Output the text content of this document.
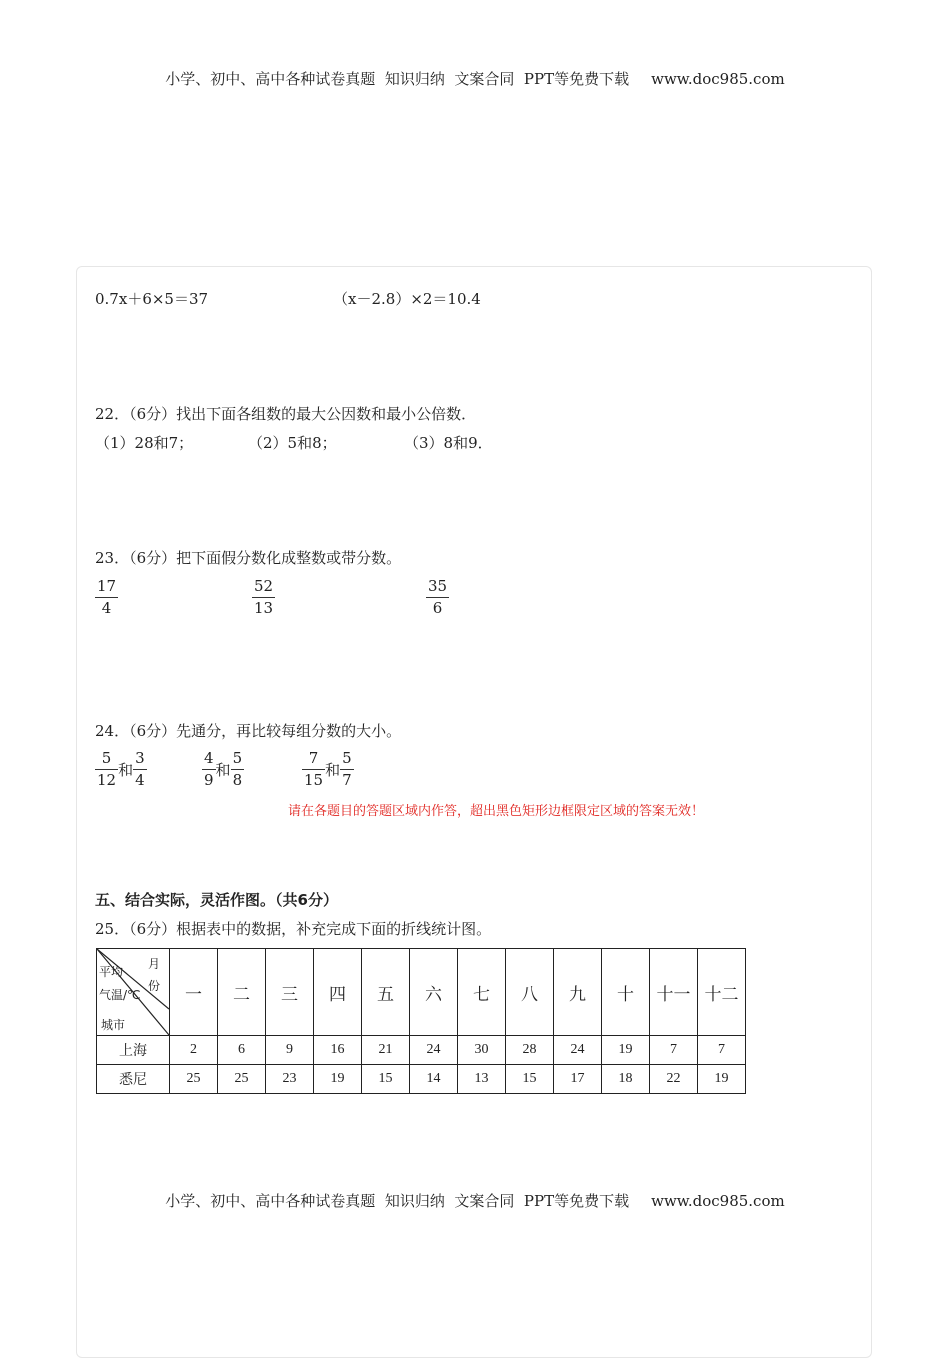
小学、初中、高中各种试卷真题  知识归纳  文案合同  PPT等免费下载 www.doc985.com
0.7x＋6×5＝37	（x－2.8）×2＝10.4
22．（6分）找出下面各组数的最大公因数和最小公倍数．
（1）28和7；	（2）5和8；	（3）8和9．
23．（6分）把下面假分数化成整数或带分数。
$\frac{17}{4}$	$\frac{52}{13}$	$\frac{35}{6}$
24．（6分）先通分，再比较每组分数的大小。
$\frac{5}{12}$ 和 $\frac{3}{4}$	$\frac{4}{9}$ 和 $\frac{5}{8}$	$\frac{7}{15}$ 和 $\frac{5}{7}$
请在各题目的答题区域内作答，超出黑色矩形边框限定区域的答案无效！
五、结合实际，灵活作图。（共6分）
25．（6分）根据表中的数据，补充完成下面的折线统计图。
月
份
平均
气温/℃
城市	一	二	三	四	五	六	七	八	九	十	十一	十二
上海	2	6	9	16	21	24	30	28	24	19	7	7
悉尼	25	25	23	19	15	14	13	15	17	18	22	19
小学、初中、高中各种试卷真题  知识归纳  文案合同  PPT等免费下载 www.doc985.com
